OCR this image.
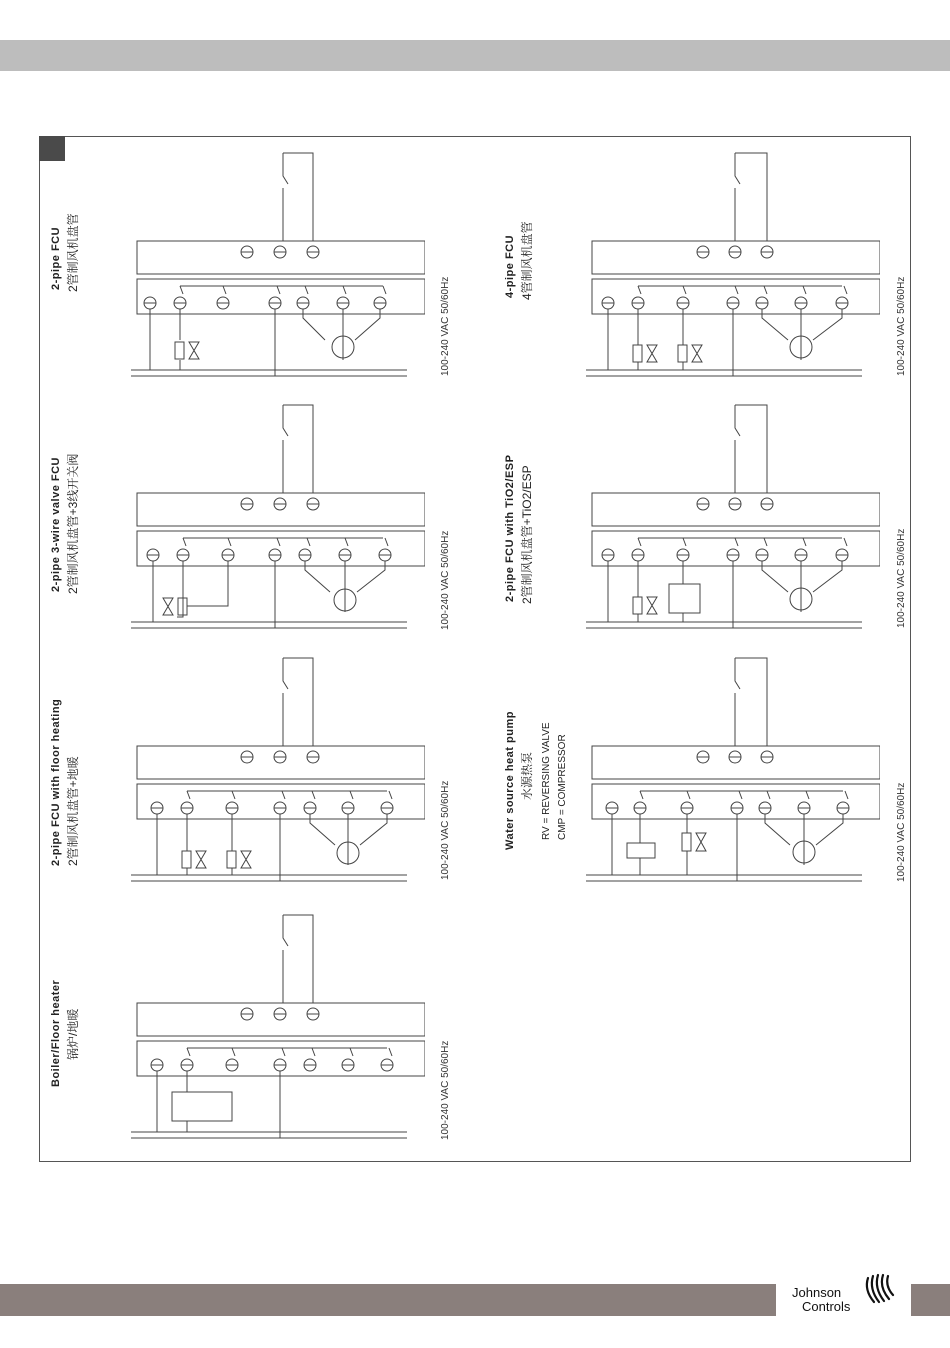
2-pipe FCU 2管制风机盘管
100-240 VAC 50/60Hz
2-pipe 3-wire valve FCU 2管制风机盘管+3线开关阀	100-240 VAC 50/60Hz
2-pipe FCU with floor heating 2管制风机盘管+地暖	100-240 VAC 50/60Hz
Boiler/Floor heater 锅炉/地暖
100-240 VAC 50/60Hz
4-pipe FCU 4管制风机盘管
100-240 VAC 50/60Hz
2-pipe FCU with TiO2/ESP 2管制风机盘管+TiO2/ESP	100-240 VAC 50/60Hz
Water source heat pump 水源热泵 RV = REVERSING VALVE CMP = COMPRESSOR	100-240 VAC 50/60Hz
Johnson
Controls
